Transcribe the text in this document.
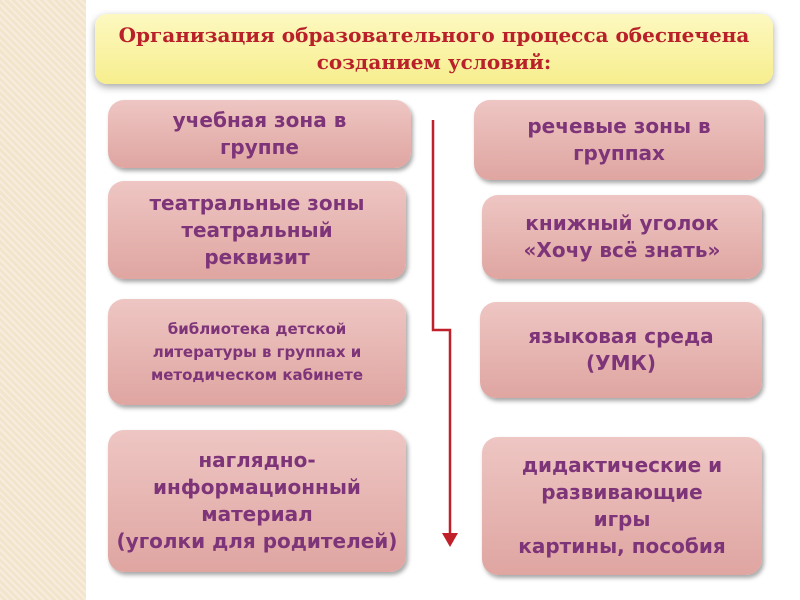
Организация образовательного процесса обеспечена созданием условий:
учебная зона в
группе
театральные зоны
театральный
реквизит
библиотека детской
литературы в группах и
методическом кабинете
наглядно-
информационный
материал
(уголки для родителей)
речевые зоны в
группах
книжный уголок
«Хочу всё знать»
языковая среда
(УМК)
дидактические и
развивающие
игры
картины, пособия
